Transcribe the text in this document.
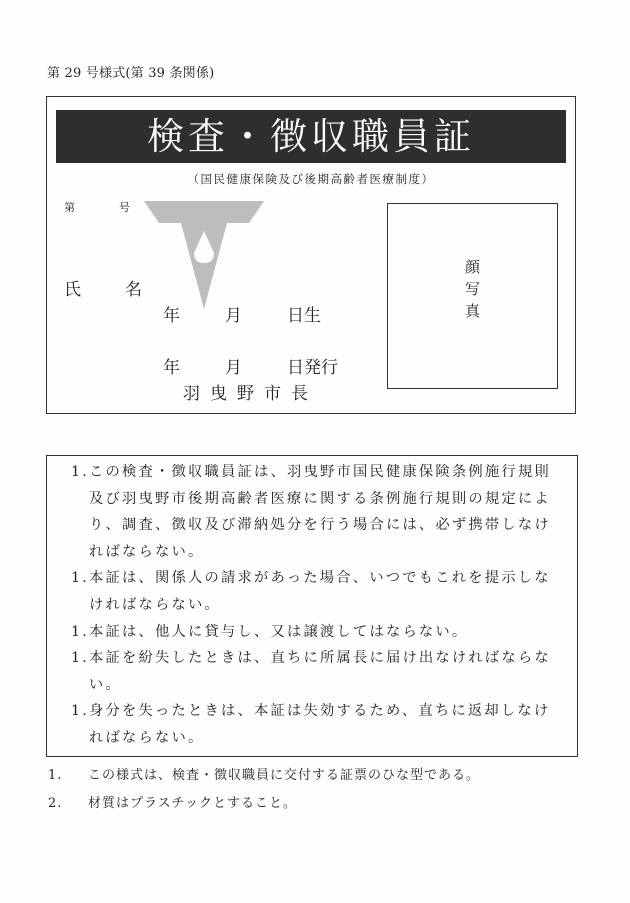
第 29 号様式(第 39 条関係)
検査・徴収職員証
（国民健康保険及び後期高齢者医療制度）
第	号
氏	名
年	月	日生
年	月	日発行
羽曳野市長
顔
写
真
1. この検査・徴収職員証は、羽曳野市国民健康保険条例施行規則及び羽曳野市後期高齢者医療に関する条例施行規則の規定により、調査、徴収及び滞納処分を行う場合には、必ず携帯しなければならない。
1. 本証は、関係人の請求があった場合、いつでもこれを提示しなければならない。
1. 本証は、他人に貸与し、又は譲渡してはならない。
1. 本証を紛失したときは、直ちに所属長に届け出なければならない。
1. 身分を失ったときは、本証は失効するため、直ちに返却しなければならない。
1.	この様式は、検査・徴収職員に交付する証票のひな型である。
2.	材質はプラスチックとすること。
